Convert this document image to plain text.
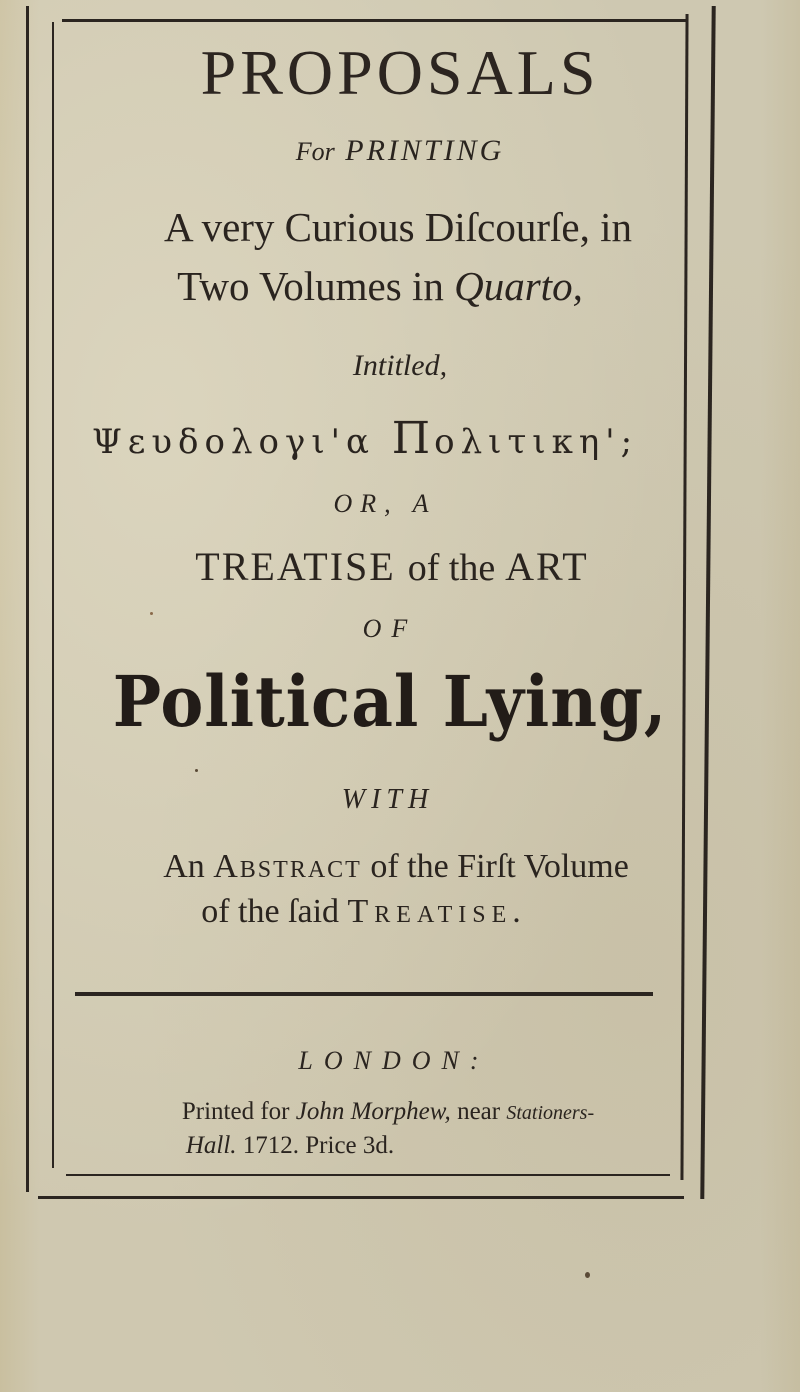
PROPOSALS
For PRINTING
A very Curious Diſcourſe, in
Two Volumes in Quarto,
Intitled,
Ψευδολογι'α Πολιτικη';
OR, A
TREATISE of the ART
OF
Political Lying,
WITH
An Abstract of the Firſt Volume
of the ſaid Treatise.
LONDON:
Printed for John Morphew, near Stationers-
Hall. 1712. Price 3d.
